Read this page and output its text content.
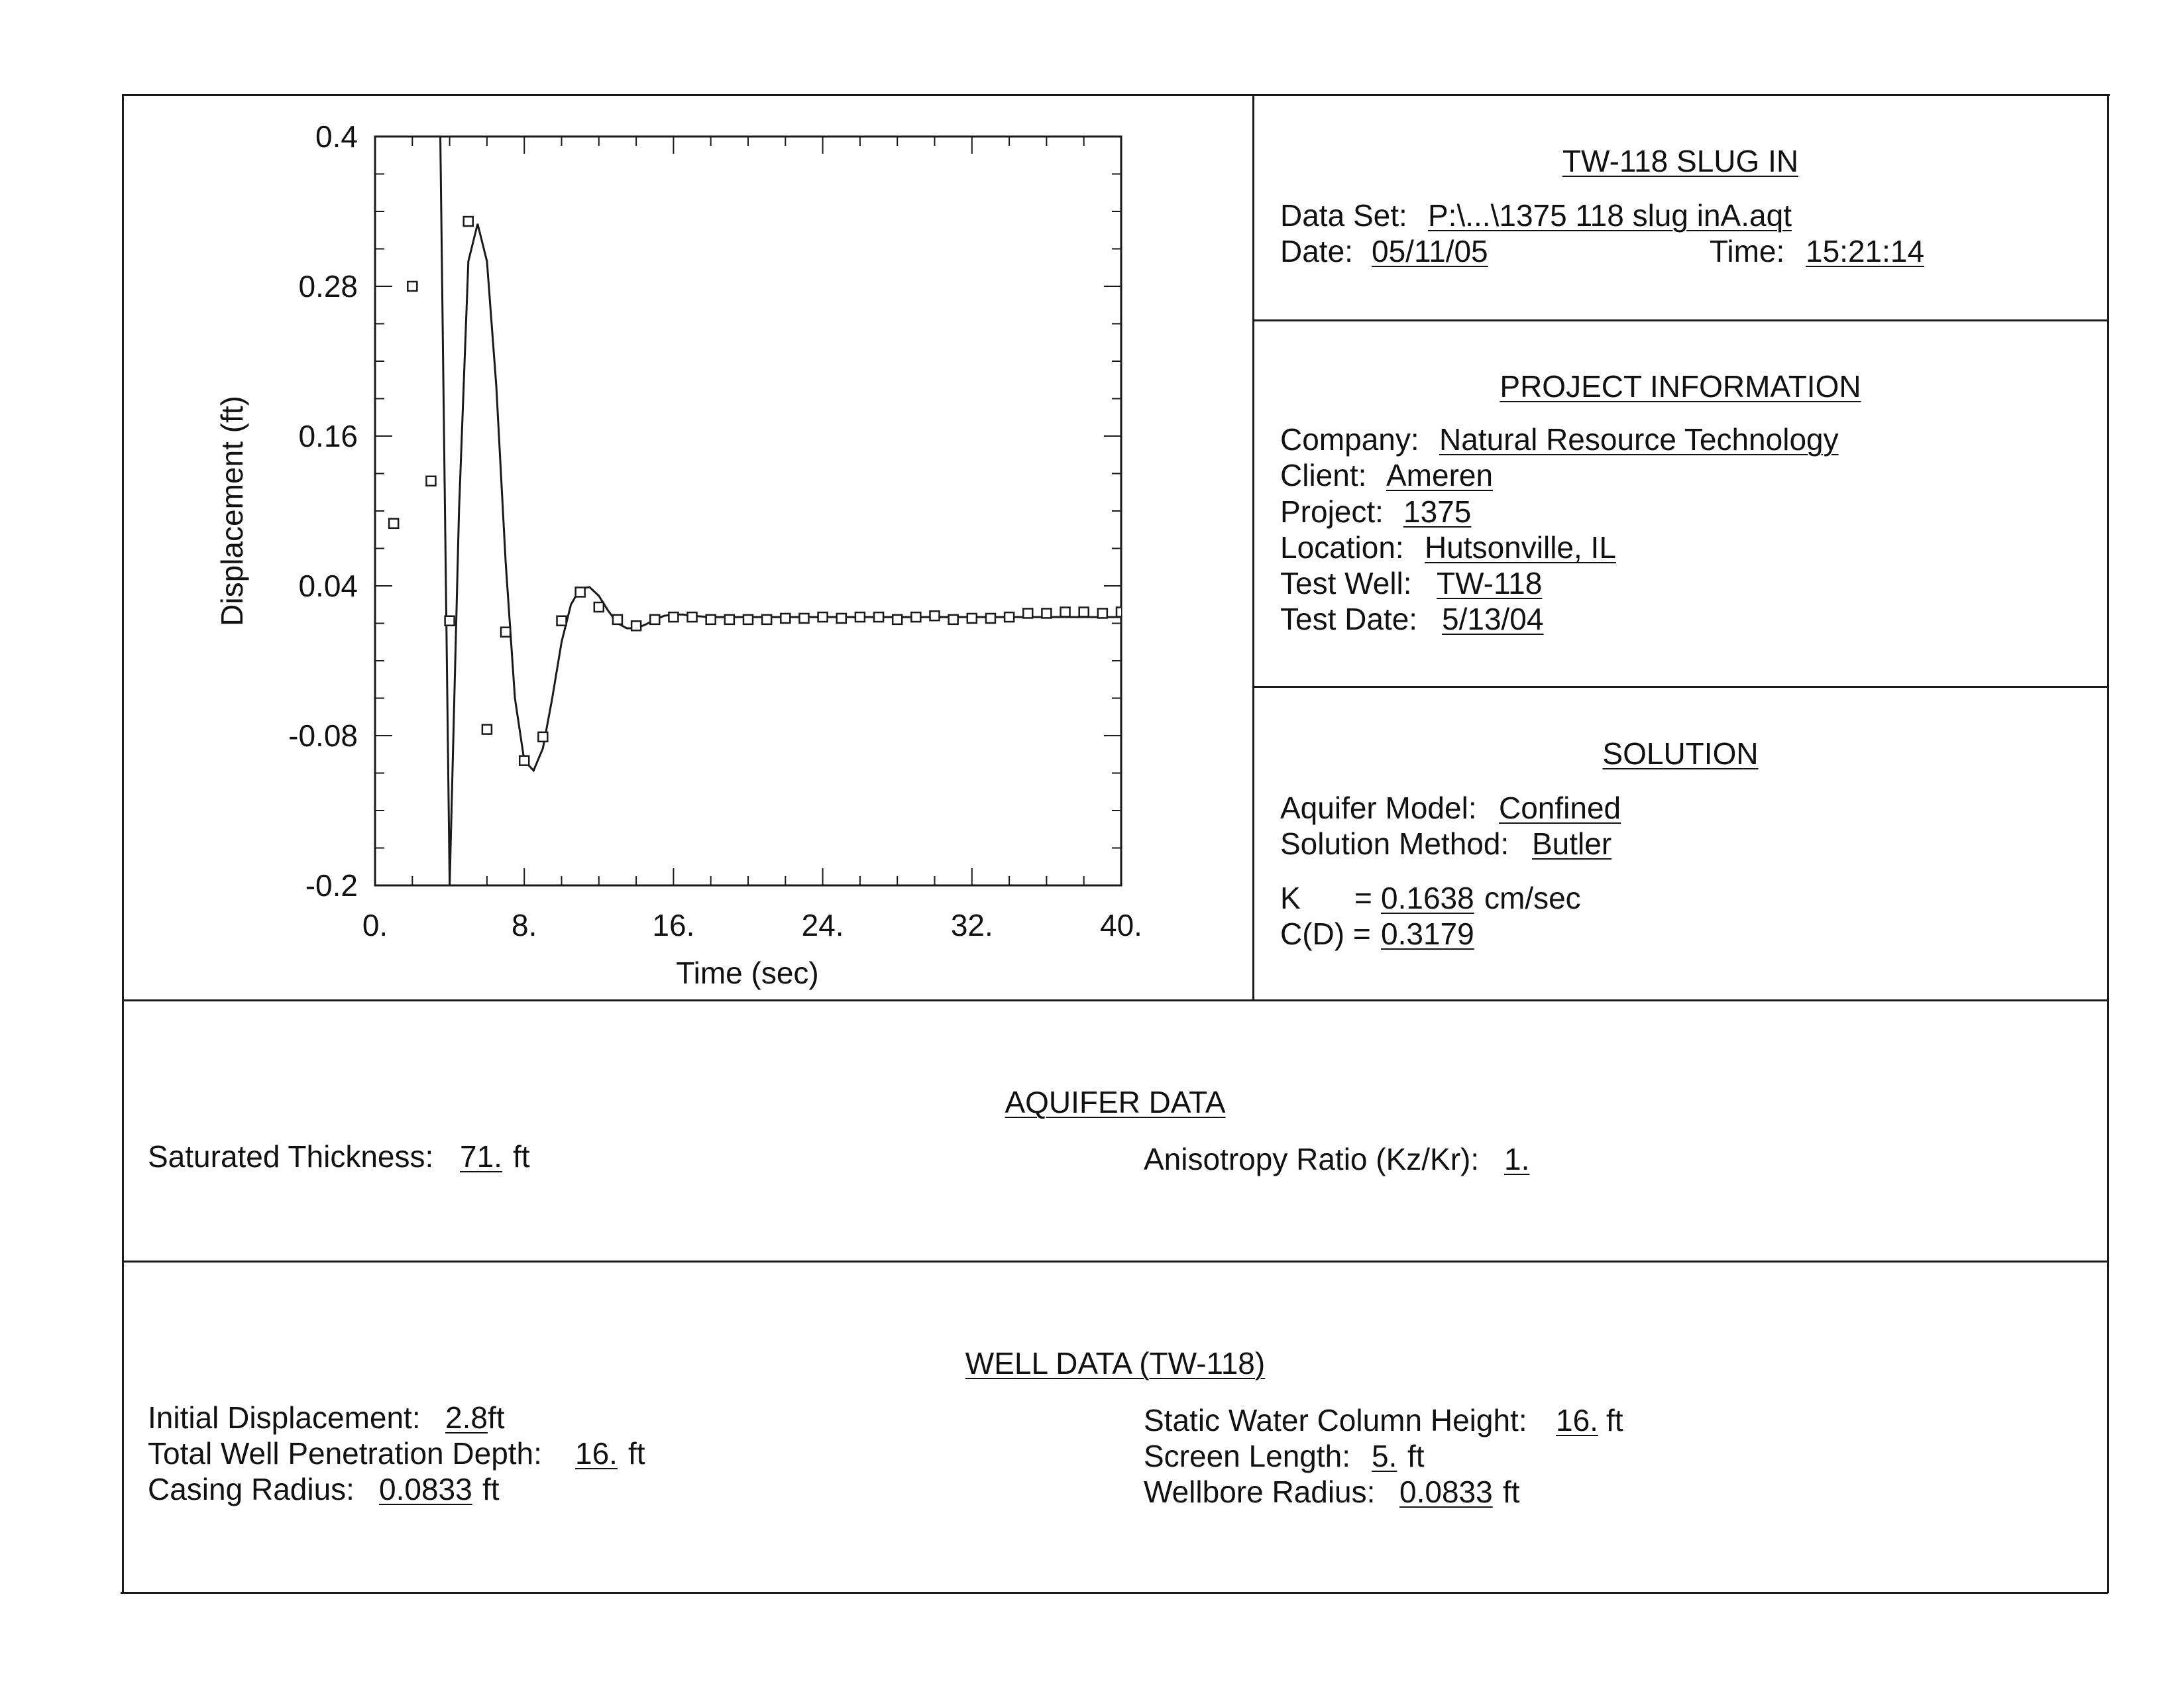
0.	8.	16.	24.	32.	40.
0.4
0.28
0.16
0.04
-0.08
-0.2
Time (sec)
Displacement (ft)
TW-118 SLUG IN
Data Set: P:\...\1375 118 slug inA.aqt
Date: 05/11/05	Time: 15:21:14
PROJECT INFORMATION
Company: Natural Resource Technology
Client: Ameren
Project: 1375
Location: Hutsonville, IL
Test Well: TW-118
Test Date: 5/13/04
SOLUTION
Aquifer Model: Confined
Solution Method: Butler
K = 0.1638 cm/sec
C(D) = 0.3179
AQUIFER DATA
Saturated Thickness: 71. ft	Anisotropy Ratio (Kz/Kr): 1.
WELL DATA (TW-118)
Initial Displacement: 2.8 ft
Total Well Penetration Depth: 16. ft
Casing Radius: 0.0833 ft
Static Water Column Height: 16. ft
Screen Length: 5. ft
Wellbore Radius: 0.0833 ft
